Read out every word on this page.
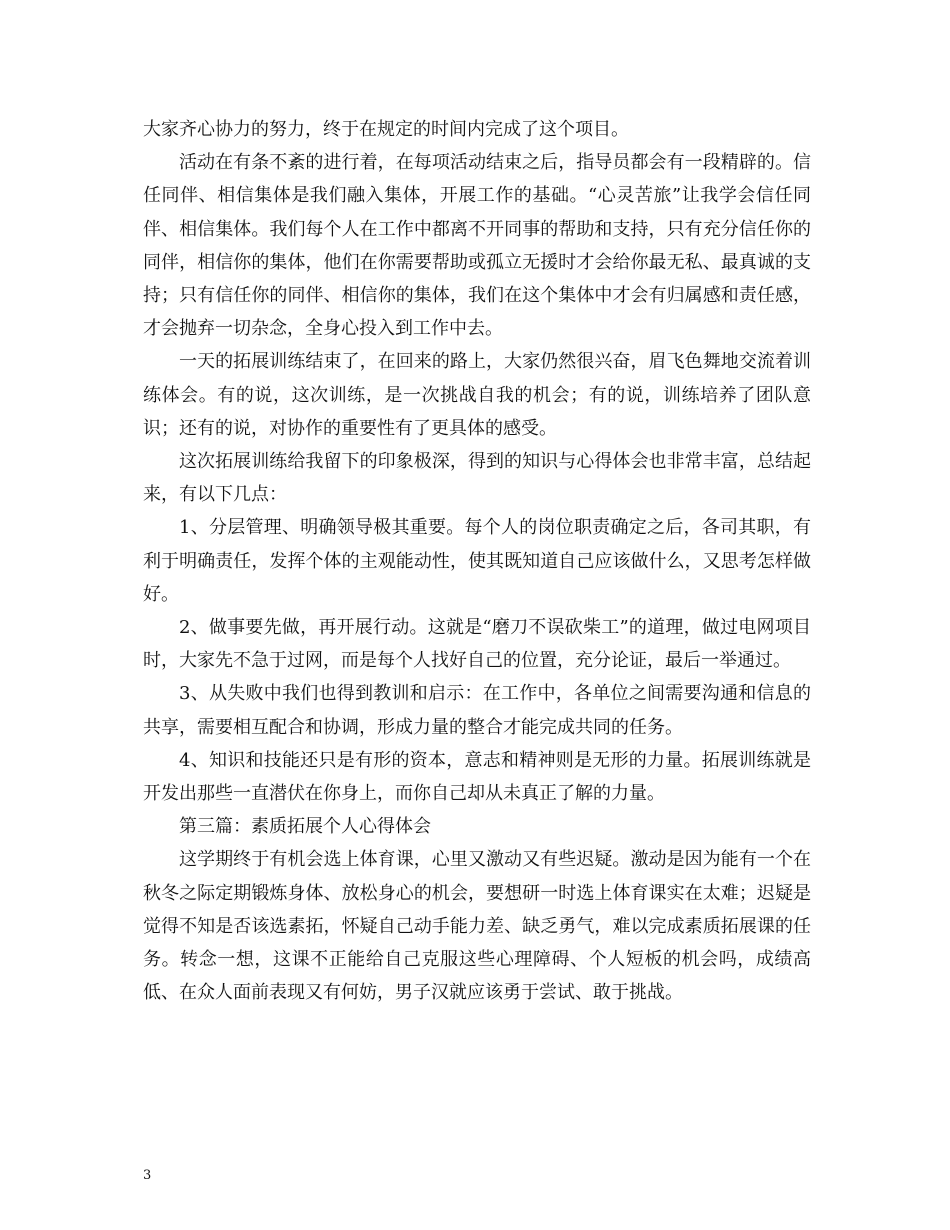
大家齐心协力的努力，终于在规定的时间内完成了这个项目。

活动在有条不紊的进行着，在每项活动结束之后，指导员都会有一段精辟的。信任同伴、相信集体是我们融入集体，开展工作的基础。“心灵苦旅”让我学会信任同伴、相信集体。我们每个人在工作中都离不开同事的帮助和支持，只有充分信任你的同伴，相信你的集体，他们在你需要帮助或孤立无援时才会给你最无私、最真诚的支持；只有信任你的同伴、相信你的集体，我们在这个集体中才会有归属感和责任感，才会抛弃一切杂念，全身心投入到工作中去。

一天的拓展训练结束了，在回来的路上，大家仍然很兴奋，眉飞色舞地交流着训练体会。有的说，这次训练，是一次挑战自我的机会；有的说，训练培养了团队意识；还有的说，对协作的重要性有了更具体的感受。

这次拓展训练给我留下的印象极深，得到的知识与心得体会也非常丰富，总结起来，有以下几点：

1、分层管理、明确领导极其重要。每个人的岗位职责确定之后，各司其职，有利于明确责任，发挥个体的主观能动性，使其既知道自己应该做什么，又思考怎样做好。

2、做事要先做，再开展行动。这就是“磨刀不误砍柴工”的道理，做过电网项目时，大家先不急于过网，而是每个人找好自己的位置，充分论证，最后一举通过。

3、从失败中我们也得到教训和启示：在工作中，各单位之间需要沟通和信息的共享，需要相互配合和协调，形成力量的整合才能完成共同的任务。

4、知识和技能还只是有形的资本，意志和精神则是无形的力量。拓展训练就是开发出那些一直潜伏在你身上，而你自己却从未真正了解的力量。

第三篇：素质拓展个人心得体会

这学期终于有机会选上体育课，心里又激动又有些迟疑。激动是因为能有一个在秋冬之际定期锻炼身体、放松身心的机会，要想研一时选上体育课实在太难；迟疑是觉得不知是否该选素拓，怀疑自己动手能力差、缺乏勇气，难以完成素质拓展课的任务。转念一想，这课不正能给自己克服这些心理障碍、个人短板的机会吗，成绩高低、在众人面前表现又有何妨，男子汉就应该勇于尝试、敢于挑战。

3
